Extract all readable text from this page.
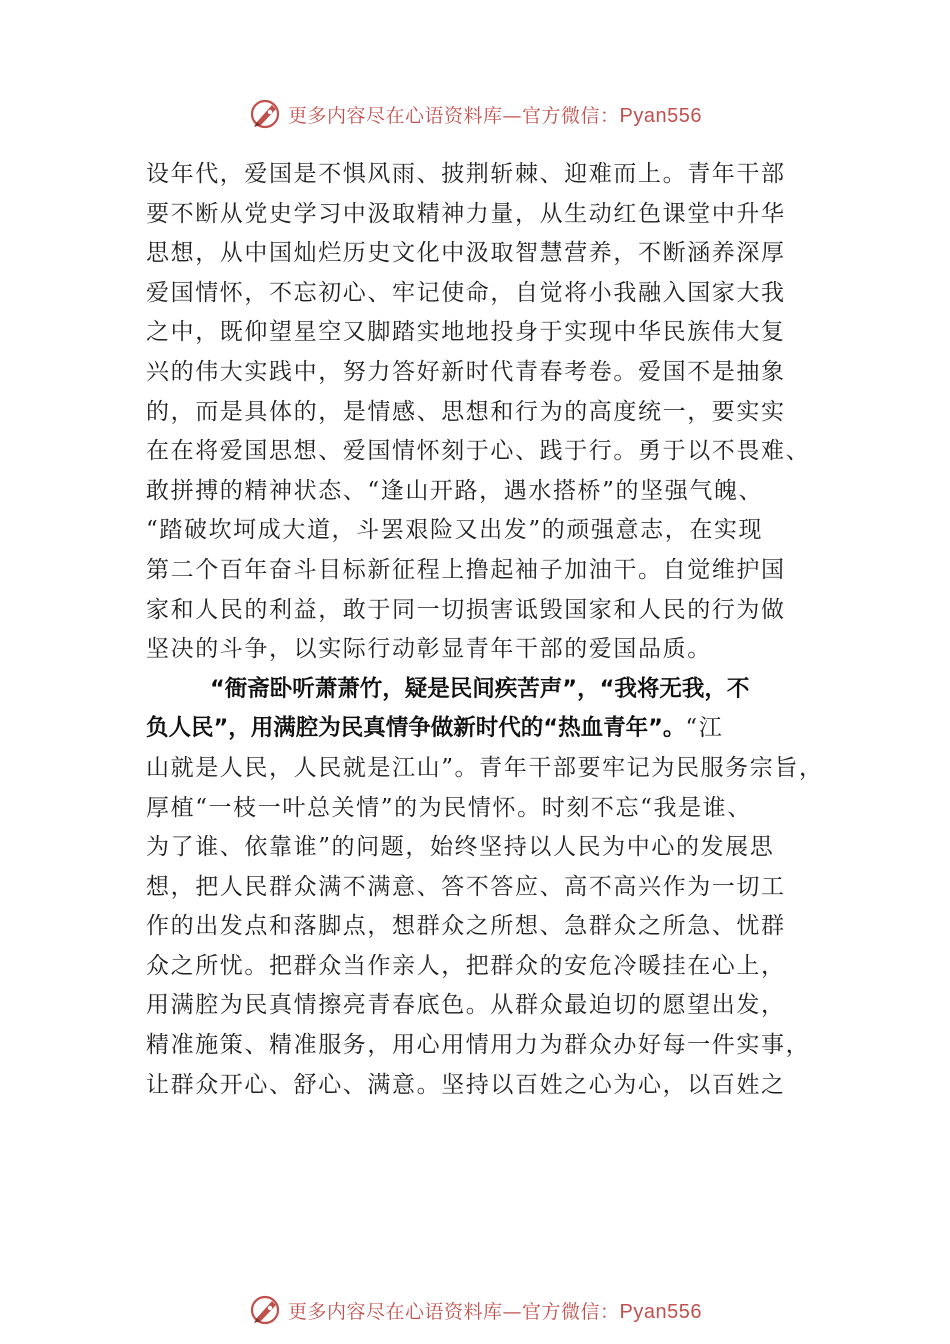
更多内容尽在心语资料库—官方微信：Pyan556
设年代，爱国是不惧风雨、披荆斩棘、迎难而上。青年干部
要不断从党史学习中汲取精神力量，从生动红色课堂中升华
思想，从中国灿烂历史文化中汲取智慧营养，不断涵养深厚
爱国情怀，不忘初心、牢记使命，自觉将小我融入国家大我
之中，既仰望星空又脚踏实地地投身于实现中华民族伟大复
兴的伟大实践中，努力答好新时代青春考卷。爱国不是抽象
的，而是具体的，是情感、思想和行为的高度统一，要实实
在在将爱国思想、爱国情怀刻于心、践于行。勇于以不畏难、
敢拼搏的精神状态、“逢山开路，遇水搭桥”的坚强气魄、
“踏破坎坷成大道，斗罢艰险又出发”的顽强意志，在实现
第二个百年奋斗目标新征程上撸起袖子加油干。自觉维护国
家和人民的利益，敢于同一切损害诋毁国家和人民的行为做
坚决的斗争，以实际行动彰显青年干部的爱国品质。
“衙斋卧听萧萧竹，疑是民间疾苦声”，“我将无我，不
负人民”，用满腔为民真情争做新时代的“热血青年”。“江
山就是人民，人民就是江山”。青年干部要牢记为民服务宗旨，
厚植“一枝一叶总关情”的为民情怀。时刻不忘“我是谁、
为了谁、依靠谁”的问题，始终坚持以人民为中心的发展思
想，把人民群众满不满意、答不答应、高不高兴作为一切工
作的出发点和落脚点，想群众之所想、急群众之所急、忧群
众之所忧。把群众当作亲人，把群众的安危冷暖挂在心上，
用满腔为民真情擦亮青春底色。从群众最迫切的愿望出发，
精准施策、精准服务，用心用情用力为群众办好每一件实事，
让群众开心、舒心、满意。坚持以百姓之心为心，以百姓之
更多内容尽在心语资料库—官方微信：Pyan556
